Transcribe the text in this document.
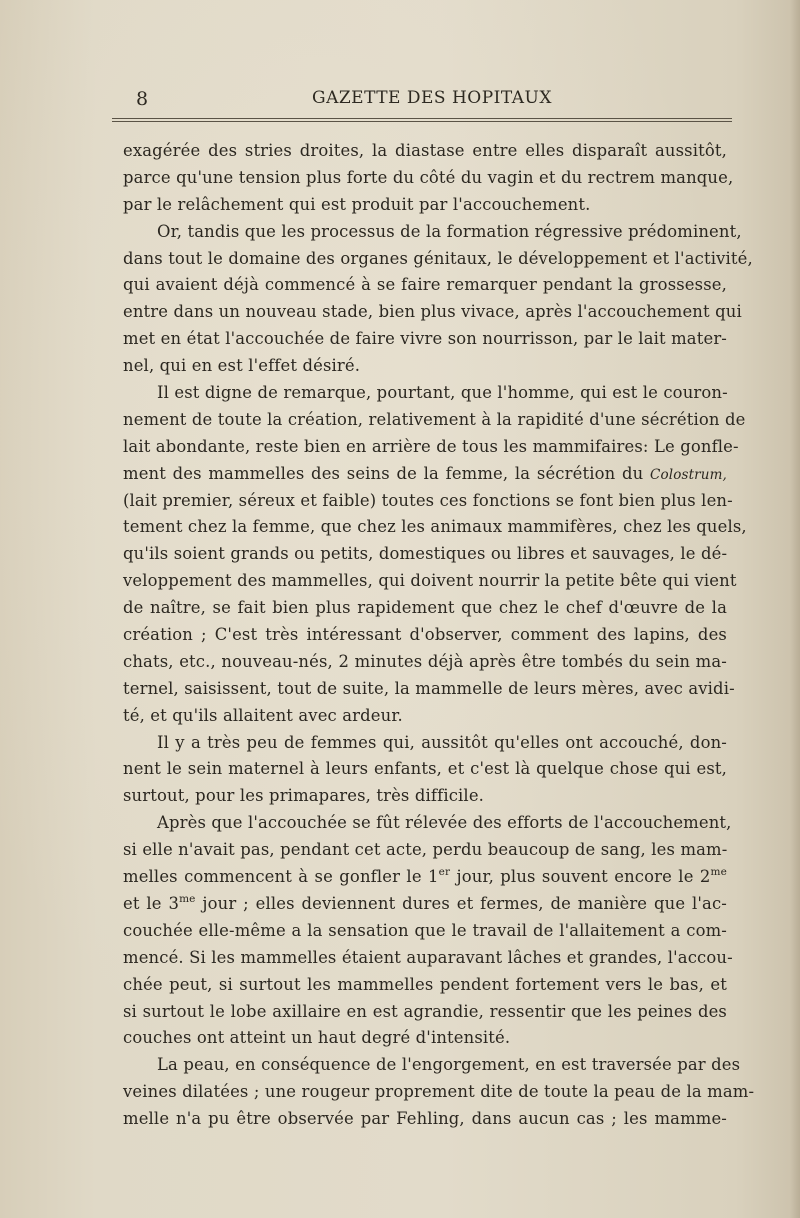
8	GAZETTE DES HOPITAUX
exagérée des stries droites, la diastase entre elles disparaît aussitôt,
parce qu'une tension plus forte du côté du vagin et du rectrem manque,
par le relâchement qui est produit par l'accouchement.
Or, tandis que les processus de la formation régressive prédominent,
dans tout le domaine des organes génitaux, le développement et l'activité,
qui avaient déjà commencé à se faire remarquer pendant la grossesse,
entre dans un nouveau stade, bien plus vivace, après l'accouchement qui
met en état l'accouchée de faire vivre son nourrisson, par le lait mater-
nel, qui en est l'effet désiré.
Il est digne de remarque, pourtant, que l'homme, qui est le couron-
nement de toute la création, relativement à la rapidité d'une sécrétion de
lait abondante, reste bien en arrière de tous les mammifaires: Le gonfle-
ment des mammelles des seins de la femme, la sécrétion du Colostrum,
(lait premier, séreux et faible) toutes ces fonctions se font bien plus len-
tement chez la femme, que chez les animaux mammifères, chez les quels,
qu'ils soient grands ou petits, domestiques ou libres et sauvages, le dé-
veloppement des mammelles, qui doivent nourrir la petite bête qui vient
de naître, se fait bien plus rapidement que chez le chef d'œuvre de la
création ; C'est très intéressant d'observer, comment des lapins, des
chats, etc., nouveau-nés, 2 minutes déjà après être tombés du sein ma-
ternel, saisissent, tout de suite, la mammelle de leurs mères, avec avidi-
té, et qu'ils allaitent avec ardeur.
Il y a très peu de femmes qui, aussitôt qu'elles ont accouché, don-
nent le sein maternel à leurs enfants, et c'est là quelque chose qui est,
surtout, pour les primapares, très difficile.
Après que l'accouchée se fût rélevée des efforts de l'accouchement,
si elle n'avait pas, pendant cet acte, perdu beaucoup de sang, les mam-
melles commencent à se gonfler le 1er jour, plus souvent encore le $2^{me}$
et le $3^{me}$ jour ; elles deviennent dures et fermes, de manière que l'ac-
couchée elle-même a la sensation que le travail de l'allaitement a com-
mencé. Si les mammelles étaient auparavant lâches et grandes, l'accou-
chée peut, si surtout les mammelles pendent fortement vers le bas, et
si surtout le lobe axillaire en est agrandie, ressentir que les peines des
couches ont atteint un haut degré d'intensité.
La peau, en conséquence de l'engorgement, en est traversée par des
veines dilatées ; une rougeur proprement dite de toute la peau de la mam-
melle n'a pu être observée par Fehling, dans aucun cas ; les mamme-
